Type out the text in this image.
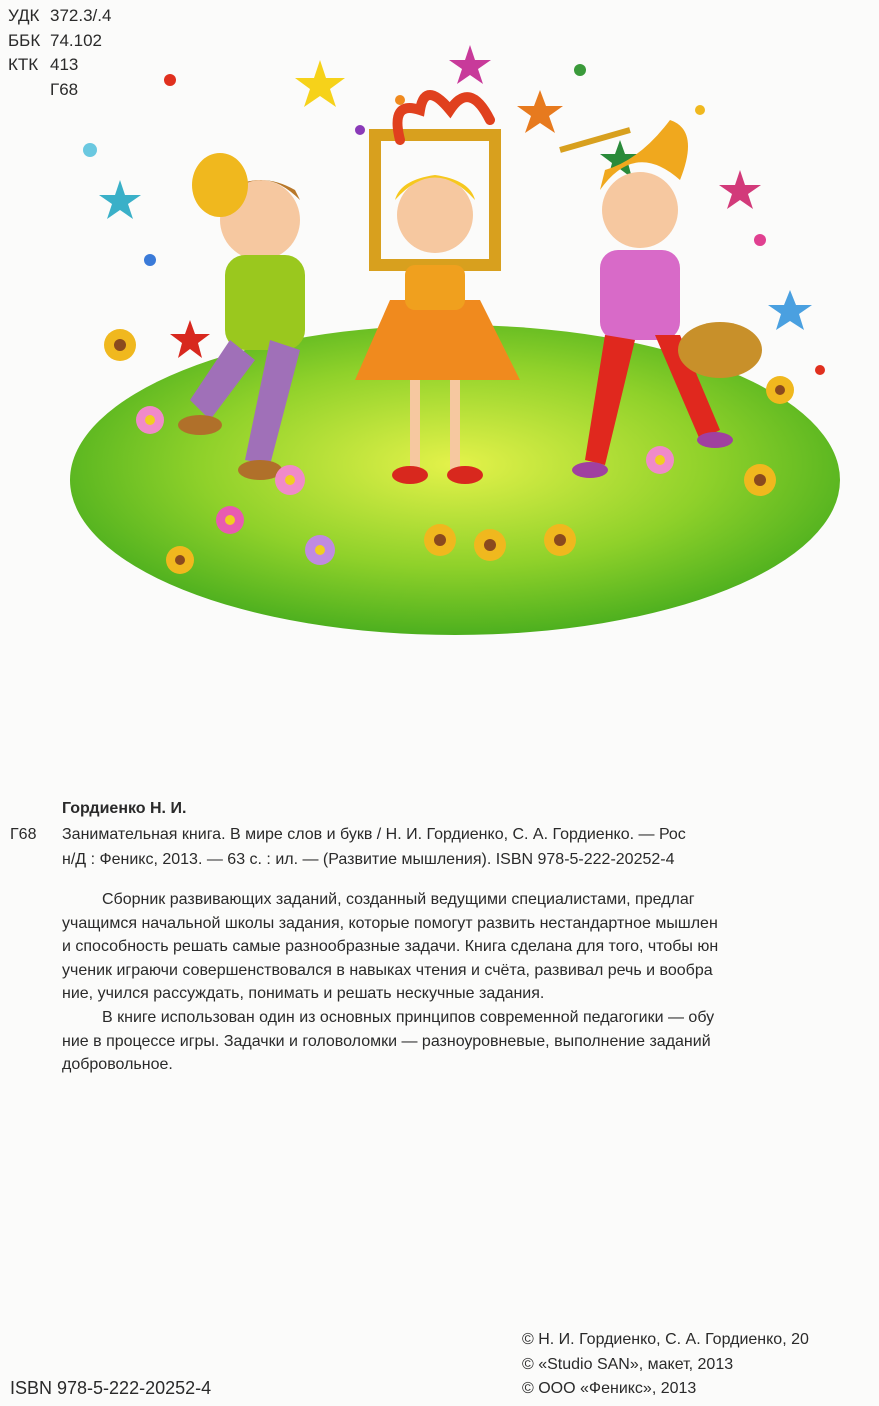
УДК 372.3/.4
ББК 74.102
КТК 413
Г68
Гордиенко Н. И.
Г68 Занимательная книга. В мире слов и букв / Н. И. Гордиенко, С. А. Гордиенко. — Рос
н/Д : Феникс, 2013. — 63 с. : ил. — (Развитие мышления). ISBN 978-5-222-20252-4

Сборник развивающих заданий, созданный ведущими специалистами, предлаг

учащимся начальной школы задания, которые помогут развить нестандартное мышлен

и способность решать самые разнообразные задачи. Книга сделана для того, чтобы юн

ученик играючи совершенствовался в навыках чтения и счёта, развивал речь и вообра

ние, учился рассуждать, понимать и решать нескучные задания.

В книге использован один из основных принципов современной педагогики — обу

ние в процессе игры. Задачки и головоломки — разноуровневые, выполнение заданий

добровольное.

ISBN 978-5-222-20252-4
© Н. И. Гордиенко, С. А. Гордиенко, 20
© «Studio SAN», макет, 2013
© ООО «Феникс», 2013
